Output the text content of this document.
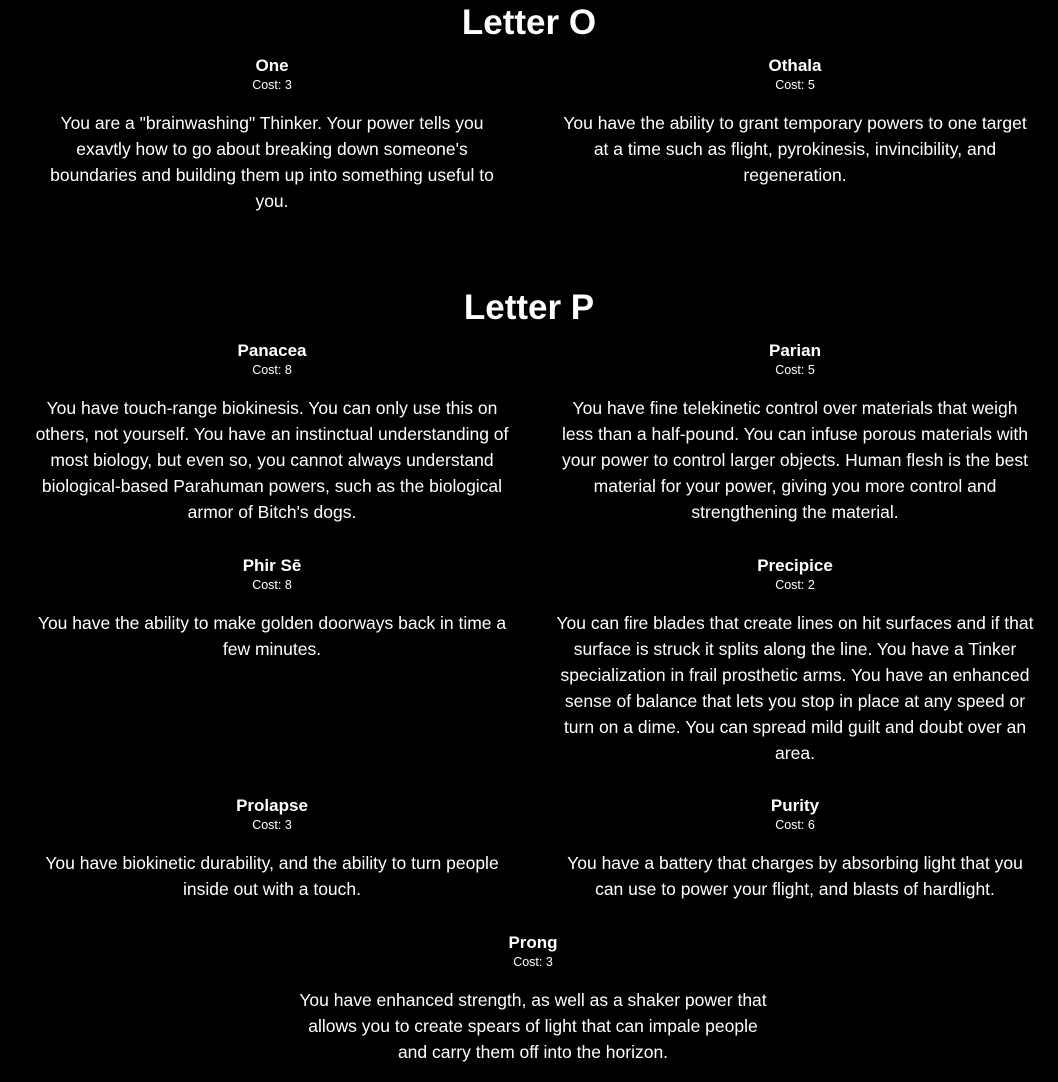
Letter O
One
Cost: 3
You are a "brainwashing" Thinker. Your power tells you exavtly how to go about breaking down someone's boundaries and building them up into something useful to you.
Othala
Cost: 5
You have the ability to grant temporary powers to one target at a time such as flight, pyrokinesis, invincibility, and regeneration.
Letter P
Panacea
Cost: 8
You have touch-range biokinesis. You can only use this on others, not yourself. You have an instinctual understanding of most biology, but even so, you cannot always understand biological-based Parahuman powers, such as the biological armor of Bitch's dogs.
Parian
Cost: 5
You have fine telekinetic control over materials that weigh less than a half-pound. You can infuse porous materials with your power to control larger objects. Human flesh is the best material for your power, giving you more control and strengthening the material.
Phir Sē
Cost: 8
You have the ability to make golden doorways back in time a few minutes.
Precipice
Cost: 2
You can fire blades that create lines on hit surfaces and if that surface is struck it splits along the line. You have a Tinker specialization in frail prosthetic arms. You have an enhanced sense of balance that lets you stop in place at any speed or turn on a dime. You can spread mild guilt and doubt over an area.
Prolapse
Cost: 3
You have biokinetic durability, and the ability to turn people inside out with a touch.
Purity
Cost: 6
You have a battery that charges by absorbing light that you can use to power your flight, and blasts of hardlight.
Prong
Cost: 3
You have enhanced strength, as well as a shaker power that allows you to create spears of light that can impale people and carry them off into the horizon.
